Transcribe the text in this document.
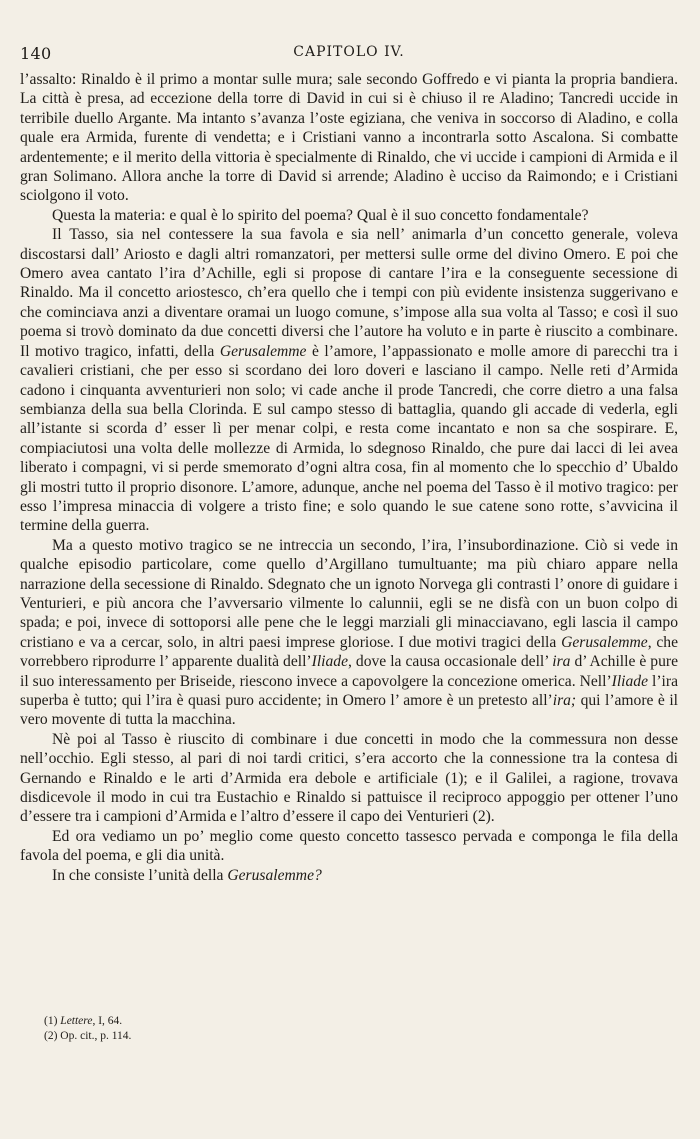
140	CAPITOLO IV.

l’assalto: Rinaldo è il primo a montar sulle mura; sale secondo Goffredo e vi pianta la propria bandiera. La città è presa, ad eccezione della torre di David in cui si è chiuso il re Aladino; Tancredi uccide in terribile duello Argante. Ma intanto s’avanza l’oste egiziana, che veniva in soccorso di Aladino, e colla quale era Armida, furente di vendetta; e i Cristiani vanno a incontrarla sotto Ascalona. Si combatte ardentemente; e il merito della vittoria è specialmente di Rinaldo, che vi uccide i campioni di Armida e il gran Solimano. Allora anche la torre di David si arrende; Aladino è ucciso da Raimondo; e i Cristiani sciolgono il voto.

Questa la materia: e qual è lo spirito del poema? Qual è il suo concetto fondamentale?

Il Tasso, sia nel contessere la sua favola e sia nell’ animarla d’un concetto generale, voleva discostarsi dall’ Ariosto e dagli altri romanzatori, per mettersi sulle orme del divino Omero. E poi che Omero avea cantato l’ira d’Achille, egli si propose di cantare l’ira e la conseguente secessione di Rinaldo. Ma il concetto ariostesco, ch’era quello che i tempi con più evidente insistenza suggerivano e che cominciava anzi a diventare oramai un luogo comune, s’impose alla sua volta al Tasso; e così il suo poema si trovò dominato da due concetti diversi che l’autore ha voluto e in parte è riuscito a combinare. Il motivo tragico, infatti, della Gerusalemme è l’amore, l’appassionato e molle amore di parecchi tra i cavalieri cristiani, che per esso si scordano dei loro doveri e lasciano il campo. Nelle reti d’Armida cadono i cinquanta avventurieri non solo; vi cade anche il prode Tancredi, che corre dietro a una falsa sembianza della sua bella Clorinda. E sul campo stesso di battaglia, quando gli accade di vederla, egli all’istante si scorda d’ esser lì per menar colpi, e resta come incantato e non sa che sospirare. E, compiaciutosi una volta delle mollezze di Armida, lo sdegnoso Rinaldo, che pure dai lacci di lei avea liberato i compagni, vi si perde smemorato d’ogni altra cosa, fin al momento che lo specchio d’ Ubaldo gli mostri tutto il proprio disonore. L’amore, adunque, anche nel poema del Tasso è il motivo tragico: per esso l’impresa minaccia di volgere a tristo fine; e solo quando le sue catene sono rotte, s’avvicina il termine della guerra.

Ma a questo motivo tragico se ne intreccia un secondo, l’ira, l’insubordinazione. Ciò si vede in qualche episodio particolare, come quello d’Argillano tumultuante; ma più chiaro appare nella narrazione della secessione di Rinaldo. Sdegnato che un ignoto Norvega gli contrasti l’ onore di guidare i Venturieri, e più ancora che l’avversario vilmente lo calunnii, egli se ne disfà con un buon colpo di spada; e poi, invece di sottoporsi alle pene che le leggi marziali gli minacciavano, egli lascia il campo cristiano e va a cercar, solo, in altri paesi imprese gloriose. I due motivi tragici della Gerusalemme, che vorrebbero riprodurre l’ apparente dualità dell’Iliade, dove la causa occasionale dell’ ira d’ Achille è pure il suo interessamento per Briseide, riescono invece a capovolgere la concezione omerica. Nell’Iliade l’ira superba è tutto; qui l’ira è quasi puro accidente; in Omero l’ amore è un pretesto all’ira; qui l’amore è il vero movente di tutta la macchina.

Nè poi al Tasso è riuscito di combinare i due concetti in modo che la commessura non desse nell’occhio. Egli stesso, al pari di noi tardi critici, s’era accorto che la connessione tra la contesa di Gernando e Rinaldo e le arti d’Armida era debole e artificiale (1); e il Galilei, a ragione, trovava disdicevole il modo in cui tra Eustachio e Rinaldo si pattuisce il reciproco appoggio per ottener l’uno d’essere tra i campioni d’Armida e l’altro d’essere il capo dei Venturieri (2).

Ed ora vediamo un po’ meglio come questo concetto tassesco pervada e componga le fila della favola del poema, e gli dia unità.

In che consiste l’unità della Gerusalemme?

(1) Lettere, I, 64.

(2) Op. cit., p. 114.
